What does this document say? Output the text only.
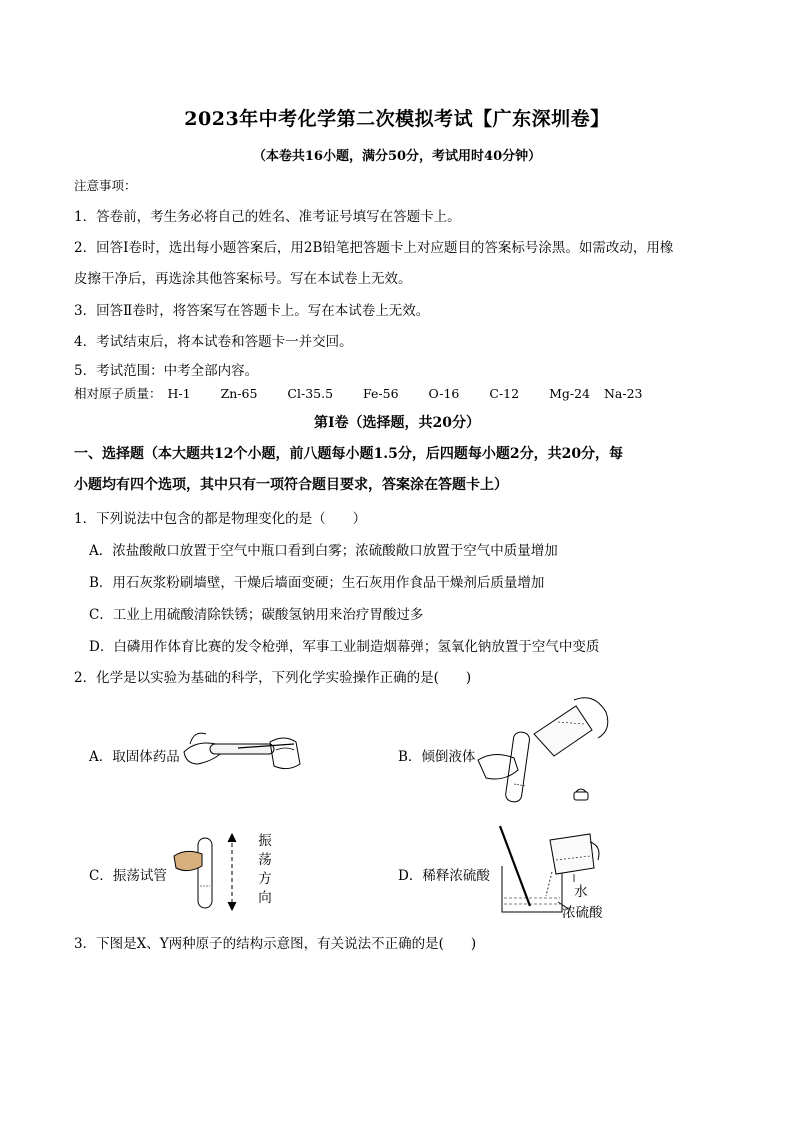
2023年中考化学第二次模拟考试【广东深圳卷】
（本卷共16小题，满分50分，考试用时40分钟）
注意事项：
1．答卷前，考生务必将自己的姓名、准考证号填写在答题卡上。
2．回答Ⅰ卷时，选出每小题答案后，用2B铅笔把答题卡上对应题目的答案标号涂黑。如需改动，用橡
皮擦干净后，再选涂其他答案标号。写在本试卷上无效。
3．回答Ⅱ卷时，将答案写在答题卡上。写在本试卷上无效。
4．考试结束后，将本试卷和答题卡一并交回。
5．考试范围：中考全部内容。
相对原子质量： H-1 Zn-65 Cl-35.5 Fe-56 O-16 C-12 Mg-24 Na-23
第Ⅰ卷（选择题，共20分）
一、选择题（本大题共12个小题，前八题每小题1.5分，后四题每小题2分，共20分，每
小题均有四个选项，其中只有一项符合题目要求，答案涂在答题卡上）
1．下列说法中包含的都是物理变化的是（　　）
A．浓盐酸敞口放置于空气中瓶口看到白雾；浓硫酸敞口放置于空气中质量增加
B．用石灰浆粉刷墙壁，干燥后墙面变硬；生石灰用作食品干燥剂后质量增加
C．工业上用硫酸清除铁锈；碳酸氢钠用来治疗胃酸过多
D．白磷用作体育比赛的发令枪弹，军事工业制造烟幕弹；氢氧化钠放置于空气中变质
2．化学是以实验为基础的科学，下列化学实验操作正确的是(　　)
A．取固体药品	B．倾倒液体
C．振荡试管
振
荡
方
向
D．稀释浓硫酸
水
浓硫酸
3．下图是X、Y两种原子的结构示意图，有关说法不正确的是(　　)
